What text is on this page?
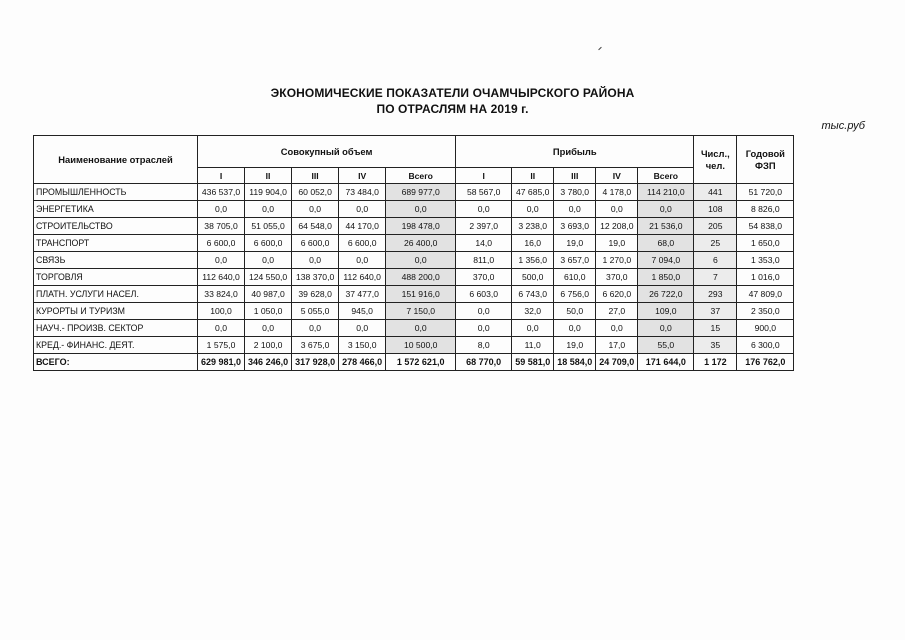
ЭКОНОМИЧЕСКИЕ ПОКАЗАТЕЛИ ОЧАМЧЫРСКОГО РАЙОНА
ПО ОТРАСЛЯМ НА 2019 г.
тыс.руб
Наименование отраслей	Совокупный объем					Прибыль					Числ., чел.	Годовой ФЗП
	I	II	III	IV	Всего	I	II	III	IV	Всего		
ПРОМЫШЛЕННОСТЬ	436 537,0	119 904,0	60 052,0	73 484,0	689 977,0	58 567,0	47 685,0	3 780,0	4 178,0	114 210,0	441	51 720,0
ЭНЕРГЕТИКА	0,0	0,0	0,0	0,0	0,0	0,0	0,0	0,0	0,0	0,0	108	8 826,0
СТРОИТЕЛЬСТВО	38 705,0	51 055,0	64 548,0	44 170,0	198 478,0	2 397,0	3 238,0	3 693,0	12 208,0	21 536,0	205	54 838,0
ТРАНСПОРТ	6 600,0	6 600,0	6 600,0	6 600,0	26 400,0	14,0	16,0	19,0	19,0	68,0	25	1 650,0
СВЯЗЬ	0,0	0,0	0,0	0,0	0,0	811,0	1 356,0	3 657,0	1 270,0	7 094,0	6	1 353,0
ТОРГОВЛЯ	112 640,0	124 550,0	138 370,0	112 640,0	488 200,0	370,0	500,0	610,0	370,0	1 850,0	7	1 016,0
ПЛАТН. УСЛУГИ НАСЕЛ.	33 824,0	40 987,0	39 628,0	37 477,0	151 916,0	6 603,0	6 743,0	6 756,0	6 620,0	26 722,0	293	47 809,0
КУРОРТЫ И ТУРИЗМ	100,0	1 050,0	5 055,0	945,0	7 150,0	0,0	32,0	50,0	27,0	109,0	37	2 350,0
НАУЧ.- ПРОИЗВ. СЕКТОР	0,0	0,0	0,0	0,0	0,0	0,0	0,0	0,0	0,0	0,0	15	900,0
КРЕД.- ФИНАНС. ДЕЯТ.	1 575,0	2 100,0	3 675,0	3 150,0	10 500,0	8,0	11,0	19,0	17,0	55,0	35	6 300,0
ВСЕГО:	629 981,0	346 246,0	317 928,0	278 466,0	1 572 621,0	68 770,0	59 581,0	18 584,0	24 709,0	171 644,0	1 172	176 762,0
